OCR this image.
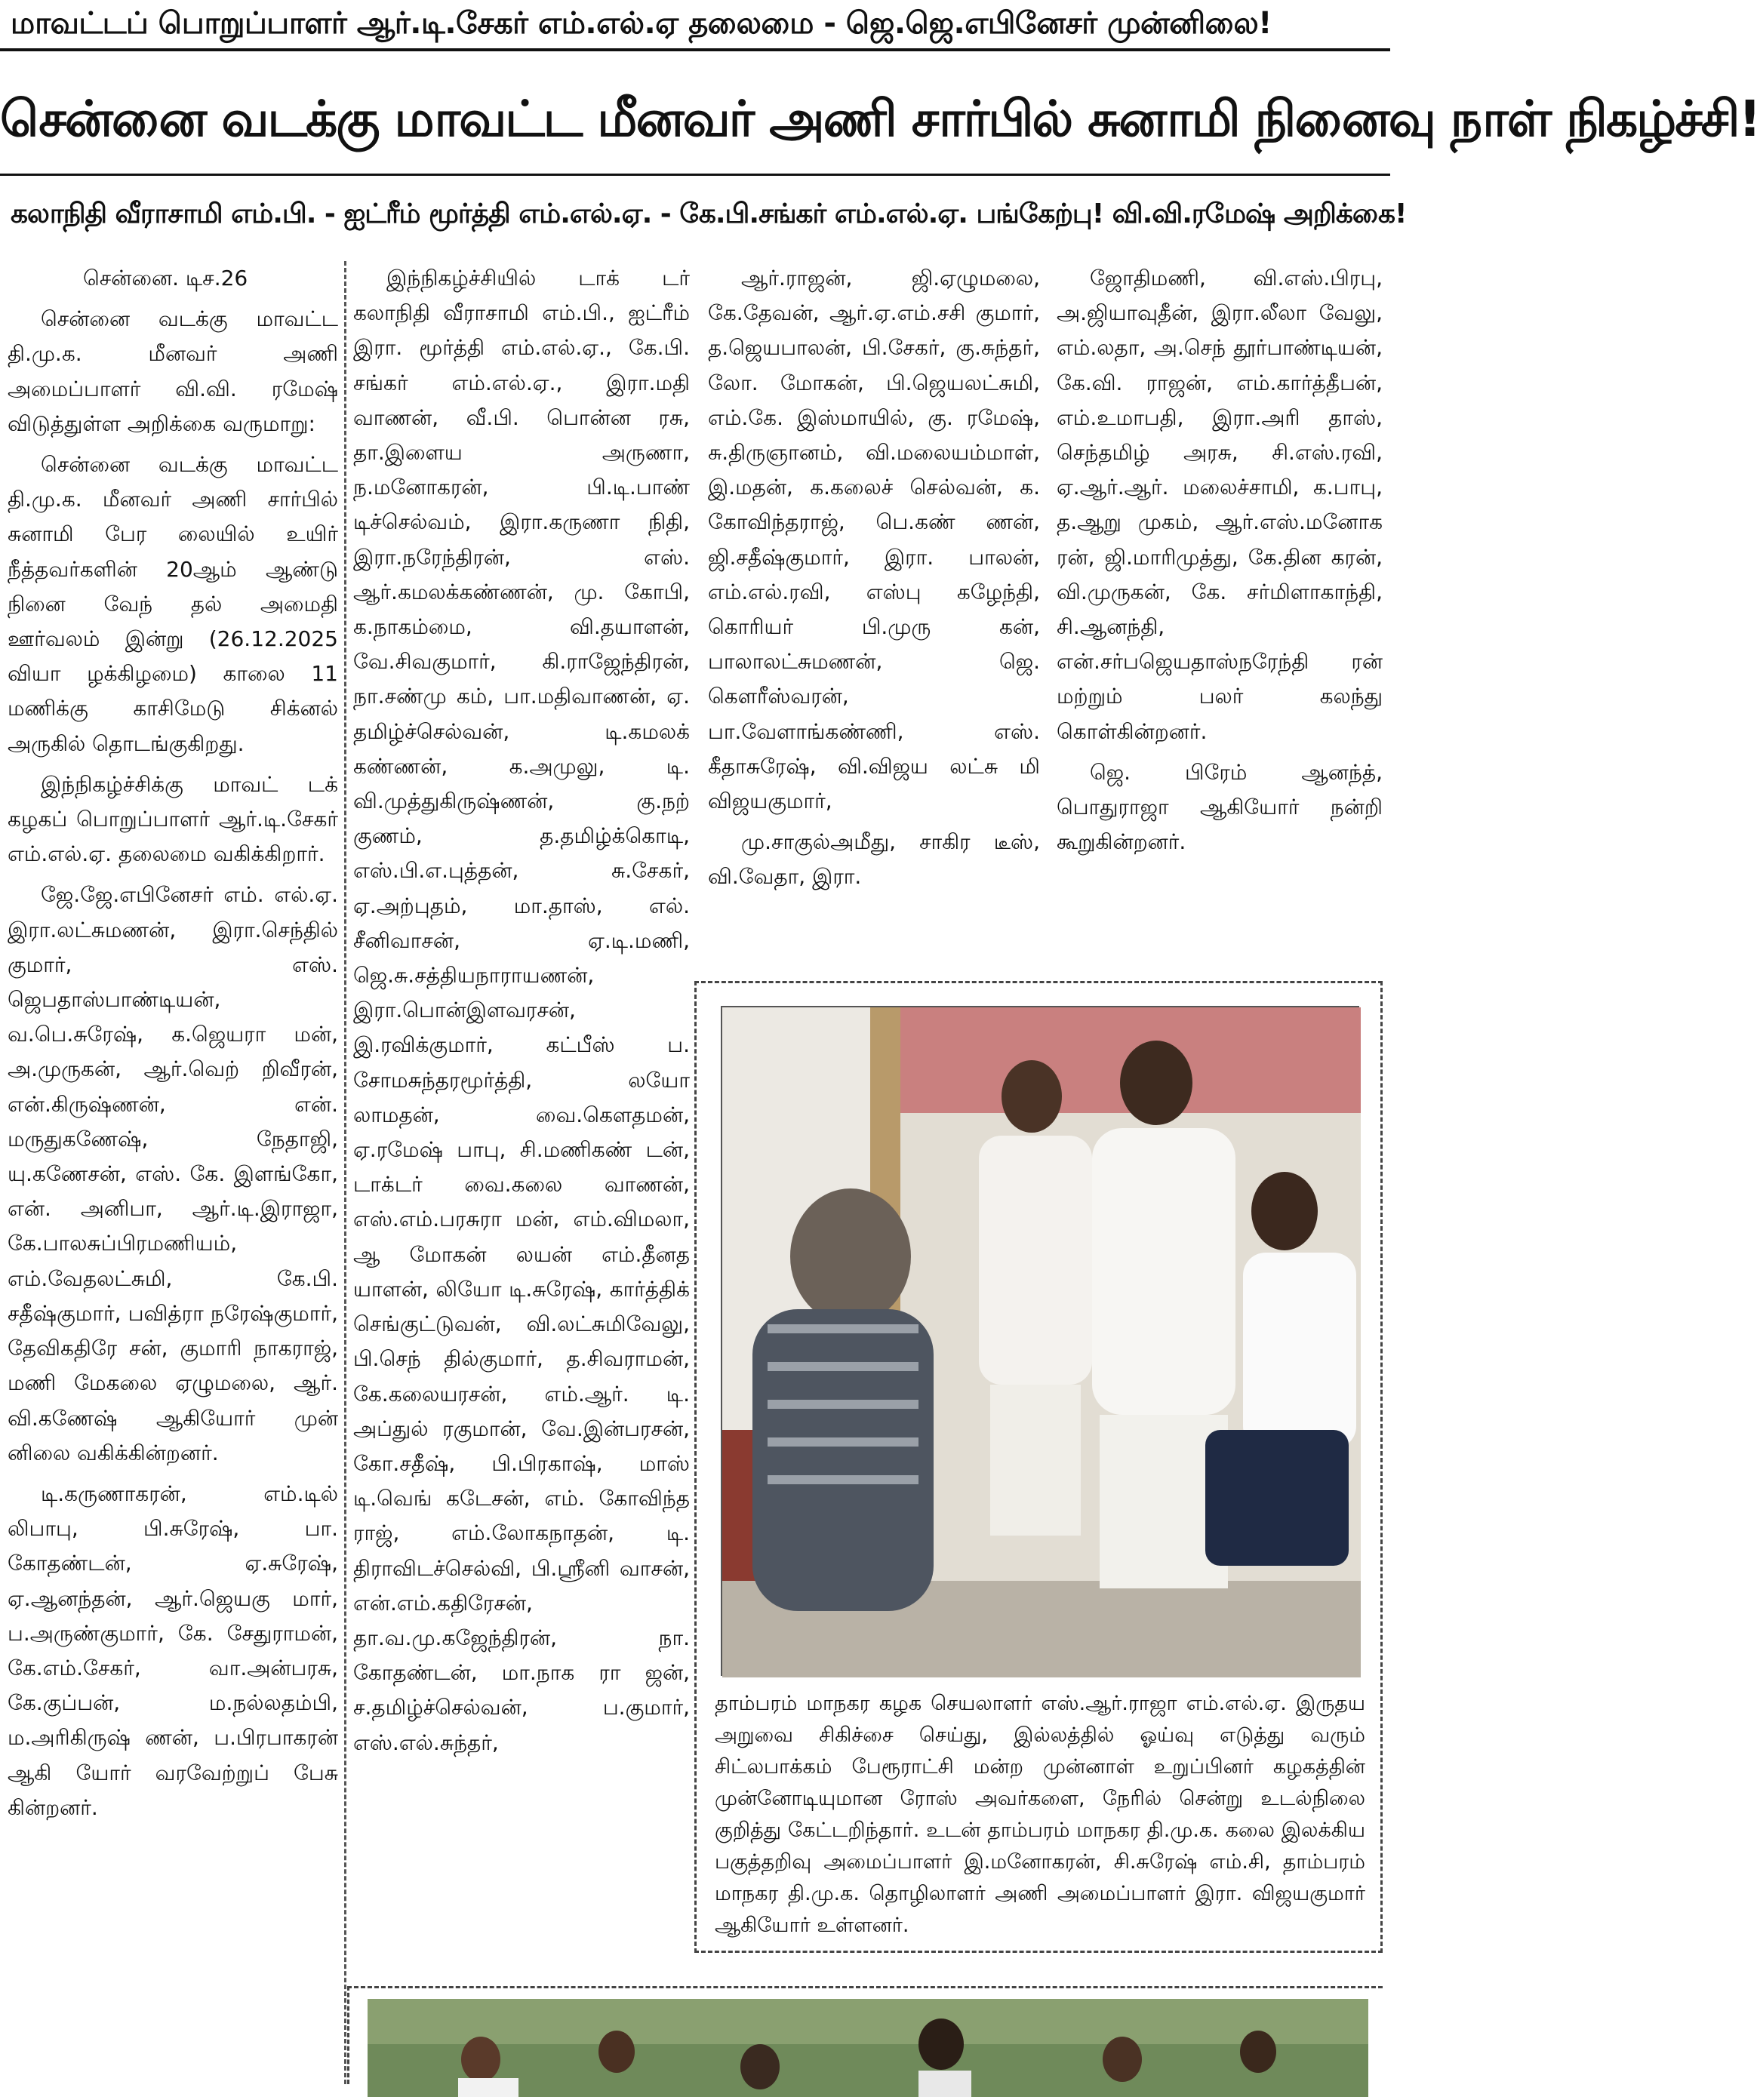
மாவட்டப் பொறுப்பாளர் ஆர்.டி.சேகர் எம்.எல்.ஏ தலைமை - ஜெ.ஜெ.எபினேசர் முன்னிலை!
சென்னை வடக்கு மாவட்ட மீனவர் அணி சார்பில் சுனாமி நினைவு நாள் நிகழ்ச்சி!
கலாநிதி வீராசாமி எம்.பி. - ஐட்ரீம் மூர்த்தி எம்.எல்.ஏ. - கே.பி.சங்கர் எம்.எல்.ஏ. பங்கேற்பு! வி.வி.ரமேஷ் அறிக்கை!

சென்னை. டிச.26

சென்னை வடக்கு மாவட்ட தி.மு.க. மீனவர் அணி அமைப்பாளர் வி.வி. ரமேஷ் விடுத்துள்ள அறிக்கை வருமாறு:

சென்னை வடக்கு மாவட்ட தி.மு.க. மீனவர் அணி சார்பில் சுனாமி பேர லையில் உயிர் நீத்தவர்களின் 20ஆம் ஆண்டு நினை வேந் தல் அமைதி ஊர்வலம் இன்று (26.12.2025 வியா ழக்கிழமை) காலை 11 மணிக்கு காசிமேடு சிக்னல் அருகில் தொடங்குகிறது.

இந்நிகழ்ச்சிக்கு மாவட் டக் கழகப் பொறுப்பாளர் ஆர்.டி.சேகர் எம்.எல்.ஏ. தலைமை வகிக்கிறார்.

ஜே.ஜே.எபினேசர் எம். எல்.ஏ. இரா.லட்சுமணன், இரா.செந்தில் குமார், எஸ். ஜெபதாஸ்பாண்டியன், வ.பெ.சுரேஷ், க.ஜெயரா மன், அ.முருகன், ஆர்.வெற் றிவீரன், என்.கிருஷ்ணன், என். மருதுகணேஷ், நேதாஜி, யு.கணேசன், எஸ். கே. இளங்கோ, என். அனிபா, ஆர்.டி.இராஜா, கே.பாலசுப்பிரமணியம், எம்.வேதலட்சுமி, கே.பி. சதீஷ்குமார், பவித்ரா நரேஷ்குமார், தேவிகதிரே சன், குமாரி நாகராஜ், மணி மேகலை ஏழுமலை, ஆர். வி.கணேஷ் ஆகியோர் முன் னிலை வகிக்கின்றனர்.

டி.கருணாகரன், எம்.டில் லிபாபு, பி.சுரேஷ், பா. கோதண்டன், ஏ.சுரேஷ், ஏ.ஆனந்தன், ஆர்.ஜெயகு மார், ப.அருண்குமார், கே. சேதுராமன், கே.எம்.சேகர், வா.அன்பரசு, கே.குப்பன், ம.நல்லதம்பி, ம.அரிகிருஷ் ணன், ப.பிரபாகரன் ஆகி யோர் வரவேற்றுப் பேசு கின்றனர்.

இந்நிகழ்ச்சியில் டாக் டர் கலாநிதி வீராசாமி எம்.பி., ஐட்ரீம் இரா. மூர்த்தி எம்.எல்.ஏ., கே.பி. சங்கர் எம்.எல்.ஏ., இரா.மதி வாணன், வீ.பி. பொன்ன ரசு, தா.இளைய அருணா, ந.மனோகரன், பி.டி.பாண் டிச்செல்வம், இரா.கருணா நிதி, இரா.நரேந்திரன், எஸ். ஆர்.கமலக்கண்ணன், மு. கோபி, க.நாகம்மை, வி.தயாளன், வே.சிவகுமார், கி.ராஜேந்திரன், நா.சண்மு கம், பா.மதிவாணன், ஏ. தமிழ்ச்செல்வன், டி.கமலக் கண்ணன், க.அமுலு, டி. வி.முத்துகிருஷ்ணன், கு.நற் குணம், த.தமிழ்க்கொடி, எஸ்.பி.எ.புத்தன், சு.சேகர், ஏ.அற்புதம், மா.தாஸ், எல். சீனிவாசன், ஏ.டி.மணி, ஜெ.சு.சத்தியநாராயணன், இரா.பொன்இளவரசன், இ.ரவிக்குமார், கட்பீஸ் ப. சோமசுந்தரமூர்த்தி, லயோ லாமதன், வை.கௌதமன், ஏ.ரமேஷ் பாபு, சி.மணிகண் டன், டாக்டர் வை.கலை வாணன், எஸ்.எம்.பரசுரா மன், எம்.விமலா, ஆ மோகன் லயன் எம்.தீனத யாளன், லியோ டி.சுரேஷ், கார்த்திக் செங்குட்டுவன், வி.லட்சுமிவேலு, பி.செந் தில்குமார், த.சிவராமன், கே.கலையரசன், எம்.ஆர். டி. அப்துல் ரகுமான், வே.இன்பரசன், கோ.சதீஷ், பி.பிரகாஷ், மாஸ் டி.வெங் கடேசன், எம். கோவிந்த ராஜ், எம்.லோகநாதன், டி. திராவிடச்செல்வி, பி.ஸ்ரீனி வாசன், என்.எம்.கதிரேசன், தா.வ.மு.கஜேந்திரன், நா. கோதண்டன், மா.நாக ரா ஜன், ச.தமிழ்ச்செல்வன், ப.குமார், எஸ்.எல்.சுந்தர்,

ஆர்.ராஜன், ஜி.ஏழுமலை, கே.தேவன், ஆர்.ஏ.எம்.சசி குமார், த.ஜெயபாலன், பி.சேகர், கு.சுந்தர், லோ. மோகன், பி.ஜெயலட்சுமி, எம்.கே. இஸ்மாயில், கு. ரமேஷ், சு.திருஞானம், வி.மலையம்மாள், இ.மதன், க.கலைச் செல்வன், க. கோவிந்தராஜ், பெ.கண் ணன், ஜி.சதீஷ்குமார், இரா. பாலன், எம்.எல்.ரவி, எஸ்பு கழேந்தி, கொரியர் பி.முரு கன், பாலாலட்சுமணன், ஜெ. கௌரீஸ்வரன், பா.வேளாங்கண்ணி, எஸ். கீதாசுரேஷ், வி.விஜய லட்சு மி விஜயகுமார்,

மு.சாகுல்அமீது, சாகிர டீஸ், வி.வேதா, இரா.

ஜோதிமணி, வி.எஸ்.பிரபு, அ.ஜியாவுதீன், இரா.லீலா வேலு, எம்.லதா, அ.செந் தூர்பாண்டியன், கே.வி. ராஜன், எம்.கார்த்தீபன், எம்.உமாபதி, இரா.அரி தாஸ், செந்தமிழ் அரசு, சி.எஸ்.ரவி, ஏ.ஆர்.ஆர். மலைச்சாமி, க.பாபு, த.ஆறு முகம், ஆர்.எஸ்.மனோக ரன், ஜி.மாரிமுத்து, கே.தின கரன், வி.முருகன், கே. சர்மிளாகாந்தி, சி.ஆனந்தி, என்.சர்பஜெயதாஸ்நரேந்தி ரன் மற்றும் பலர் கலந்து கொள்கின்றனர்.

ஜெ. பிரேம் ஆனந்த், பொதுராஜா ஆகியோர் நன்றி கூறுகின்றனர்.

தாம்பரம் மாநகர கழக செயலாளர் எஸ்.ஆர்.ராஜா எம்.எல்.ஏ. இருதய அறுவை சிகிச்சை செய்து, இல்லத்தில் ஓய்வு எடுத்து வரும் சிட்லபாக்கம் பேரூராட்சி மன்ற முன்னாள் உறுப்பினர் கழகத்தின் முன்னோடியுமான ரோஸ் அவர்களை, நேரில் சென்று உடல்நிலை குறித்து கேட்டறிந்தார். உடன் தாம்பரம் மாநகர தி.மு.க. கலை இலக்கிய பகுத்தறிவு அமைப்பாளர் இ.மனோகரன், சி.சுரேஷ் எம்.சி, தாம்பரம் மாநகர தி.மு.க. தொழிலாளர் அணி அமைப்பாளர் இரா. விஜயகுமார் ஆகியோர் உள்ளனர்.
